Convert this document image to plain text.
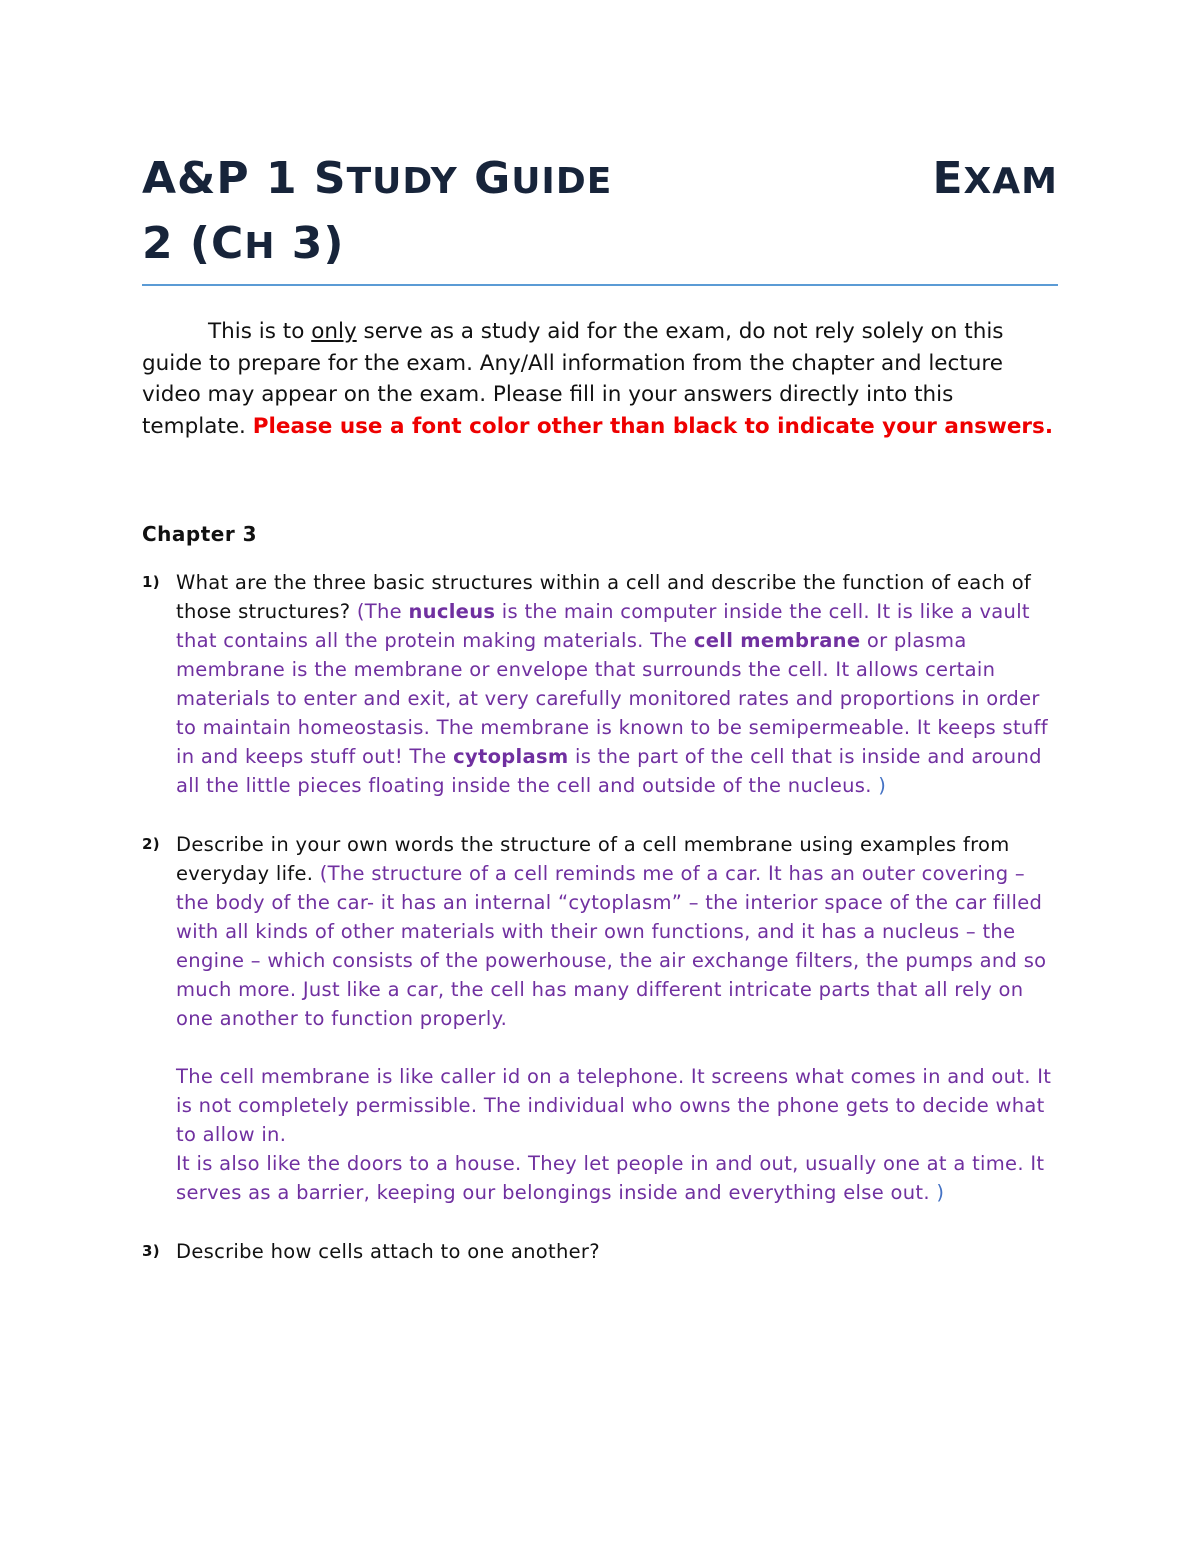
A&P 1 STUDY GUIDE	EXAM
2 (CH 3)
This is to only serve as a study aid for the exam, do not rely solely on this guide to prepare for the exam. Any/All information from the chapter and lecture video may appear on the exam. Please fill in your answers directly into this template. Please use a font color other than black to indicate your answers.
Chapter 3
1) What are the three basic structures within a cell and describe the function of each of those structures? (The nucleus is the main computer inside the cell. It is like a vault that contains all the protein making materials. The cell membrane or plasma membrane is the membrane or envelope that surrounds the cell. It allows certain materials to enter and exit, at very carefully monitored rates and proportions in order to maintain homeostasis. The membrane is known to be semipermeable. It keeps stuff in and keeps stuff out! The cytoplasm is the part of the cell that is inside and around all the little pieces floating inside the cell and outside of the nucleus. )
2) Describe in your own words the structure of a cell membrane using examples from everyday life. (The structure of a cell reminds me of a car. It has an outer covering – the body of the car- it has an internal “cytoplasm” – the interior space of the car filled with all kinds of other materials with their own functions, and it has a nucleus – the engine – which consists of the powerhouse, the air exchange filters, the pumps and so much more. Just like a car, the cell has many different intricate parts that all rely on one another to function properly.
The cell membrane is like caller id on a telephone. It screens what comes in and out. It is not completely permissible. The individual who owns the phone gets to decide what to allow in.
It is also like the doors to a house. They let people in and out, usually one at a time. It serves as a barrier, keeping our belongings inside and everything else out. )
3) Describe how cells attach to one another?
